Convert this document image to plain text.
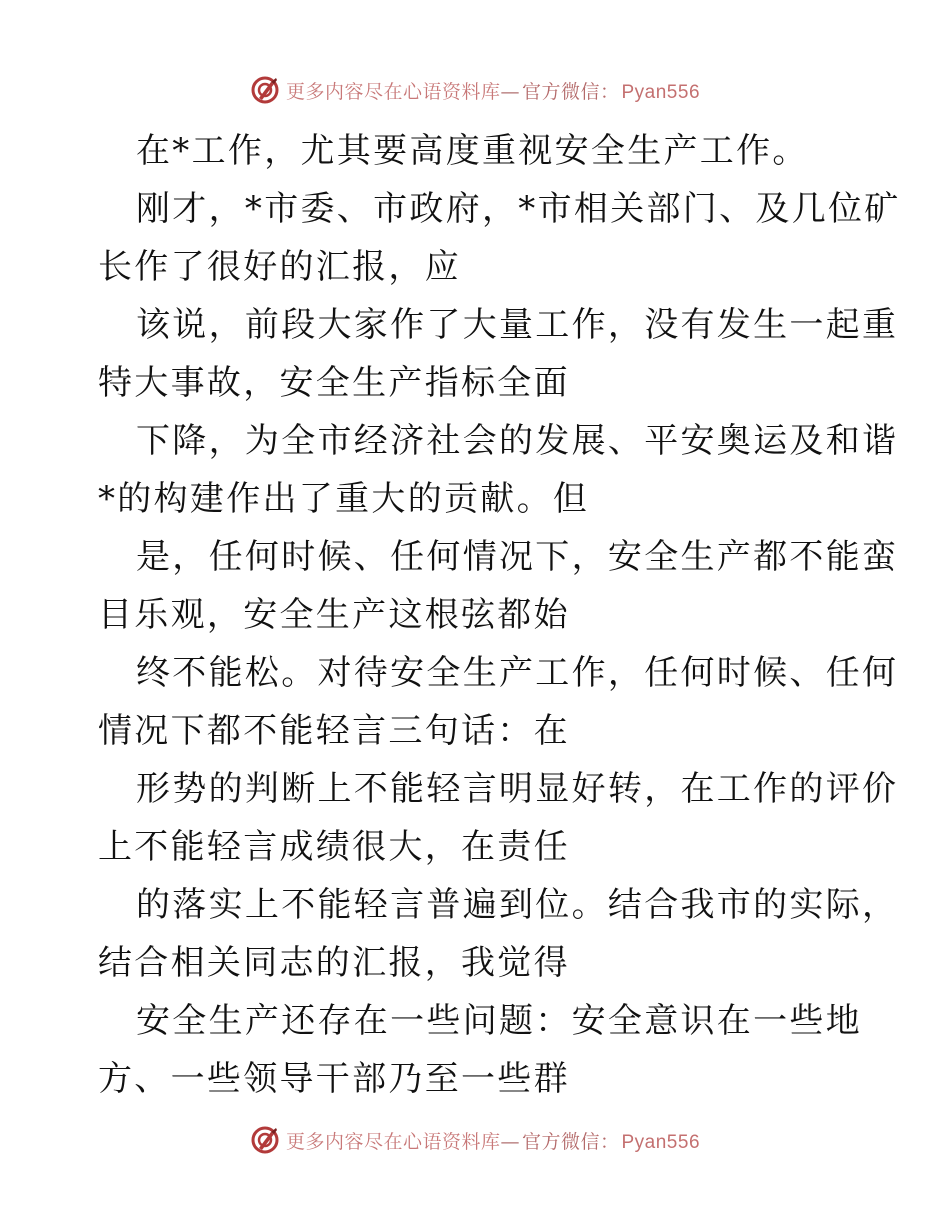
更多内容尽在心语资料库— 官方微信： Pyan556
在*工作，尤其要高度重视安全生产工作。
刚才，*市委、市政府，*市相关部门、及几位矿
长作了很好的汇报，应
该说，前段大家作了大量工作，没有发生一起重
特大事故，安全生产指标全面
下降，为全市经济社会的发展、平安奥运及和谐
*的构建作出了重大的贡献。但
是，任何时候、任何情况下，安全生产都不能蛮
目乐观，安全生产这根弦都始
终不能松。对待安全生产工作，任何时候、任何
情况下都不能轻言三句话：在
形势的判断上不能轻言明显好转，在工作的评价
上不能轻言成绩很大，在责任
的落实上不能轻言普遍到位。结合我市的实际，
结合相关同志的汇报，我觉得
安全生产还存在一些问题：安全意识在一些地
方、一些领导干部乃至一些群
更多内容尽在心语资料库— 官方微信： Pyan556
